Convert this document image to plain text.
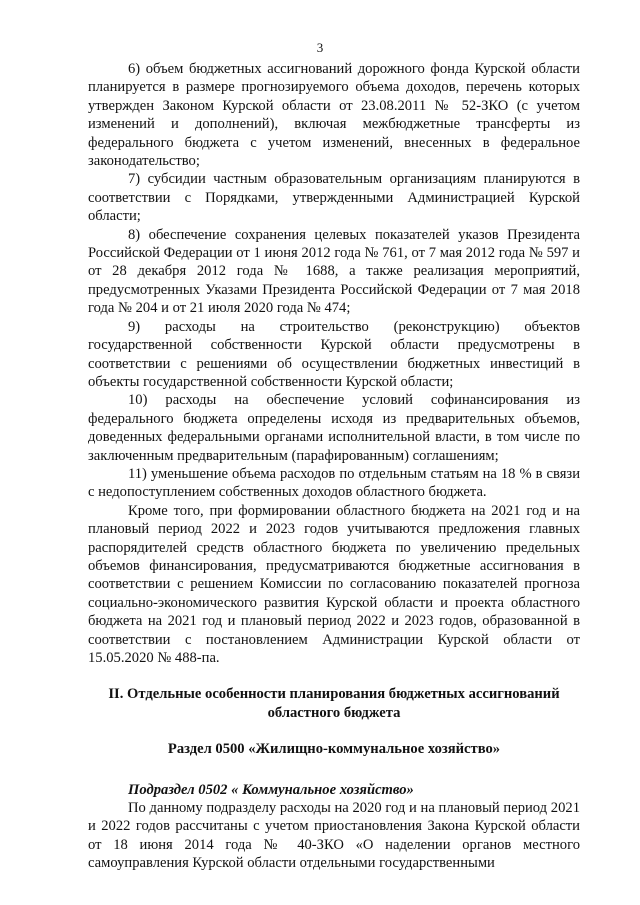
3

6) объем бюджетных ассигнований дорожного фонда Курской области планируется в размере прогнозируемого объема доходов, перечень которых утвержден Законом Курской области от 23.08.2011 № 52-ЗКО (с учетом изменений и дополнений), включая межбюджетные трансферты из федерального бюджета с учетом изменений, внесенных в федеральное законодательство;

7) субсидии частным образовательным организациям планируются в соответствии с Порядками, утвержденными Администрацией Курской области;

8) обеспечение сохранения целевых показателей указов Президента Российской Федерации от 1 июня 2012 года № 761, от 7 мая 2012 года № 597 и от 28 декабря 2012 года № 1688, а также реализация мероприятий, предусмотренных Указами Президента Российской Федерации от 7 мая 2018 года № 204 и от 21 июля 2020 года № 474;

9) расходы на строительство (реконструкцию) объектов государственной собственности Курской области предусмотрены в соответствии с решениями об осуществлении бюджетных инвестиций в объекты государственной собственности Курской области;

10) расходы на обеспечение условий софинансирования из федерального бюджета определены исходя из предварительных объемов, доведенных федеральными органами исполнительной власти, в том числе по заключенным предварительным (парафированным) соглашениям;

11) уменьшение объема расходов по отдельным статьям на 18 % в связи с недопоступлением собственных доходов областного бюджета.

Кроме того, при формировании областного бюджета на 2021 год и на плановый период 2022 и 2023 годов учитываются предложения главных распорядителей средств областного бюджета по увеличению предельных объемов финансирования, предусматриваются бюджетные ассигнования в соответствии с решением Комиссии по согласованию показателей прогноза социально-экономического развития Курской области и проекта областного бюджета на 2021 год и плановый период 2022 и 2023 годов, образованной в соответствии с постановлением Администрации Курской области от 15.05.2020 № 488-па.

II. Отдельные особенности планирования бюджетных ассигнований областного бюджета
Раздел 0500 «Жилищно-коммунальное хозяйство»
Подраздел 0502 « Коммунальное хозяйство»

По данному подразделу расходы на 2020 год и на плановый период 2021 и 2022 годов рассчитаны с учетом приостановления Закона Курской области от 18 июня 2014 года № 40-ЗКО «О наделении органов местного самоуправления Курской области отдельными государственными
